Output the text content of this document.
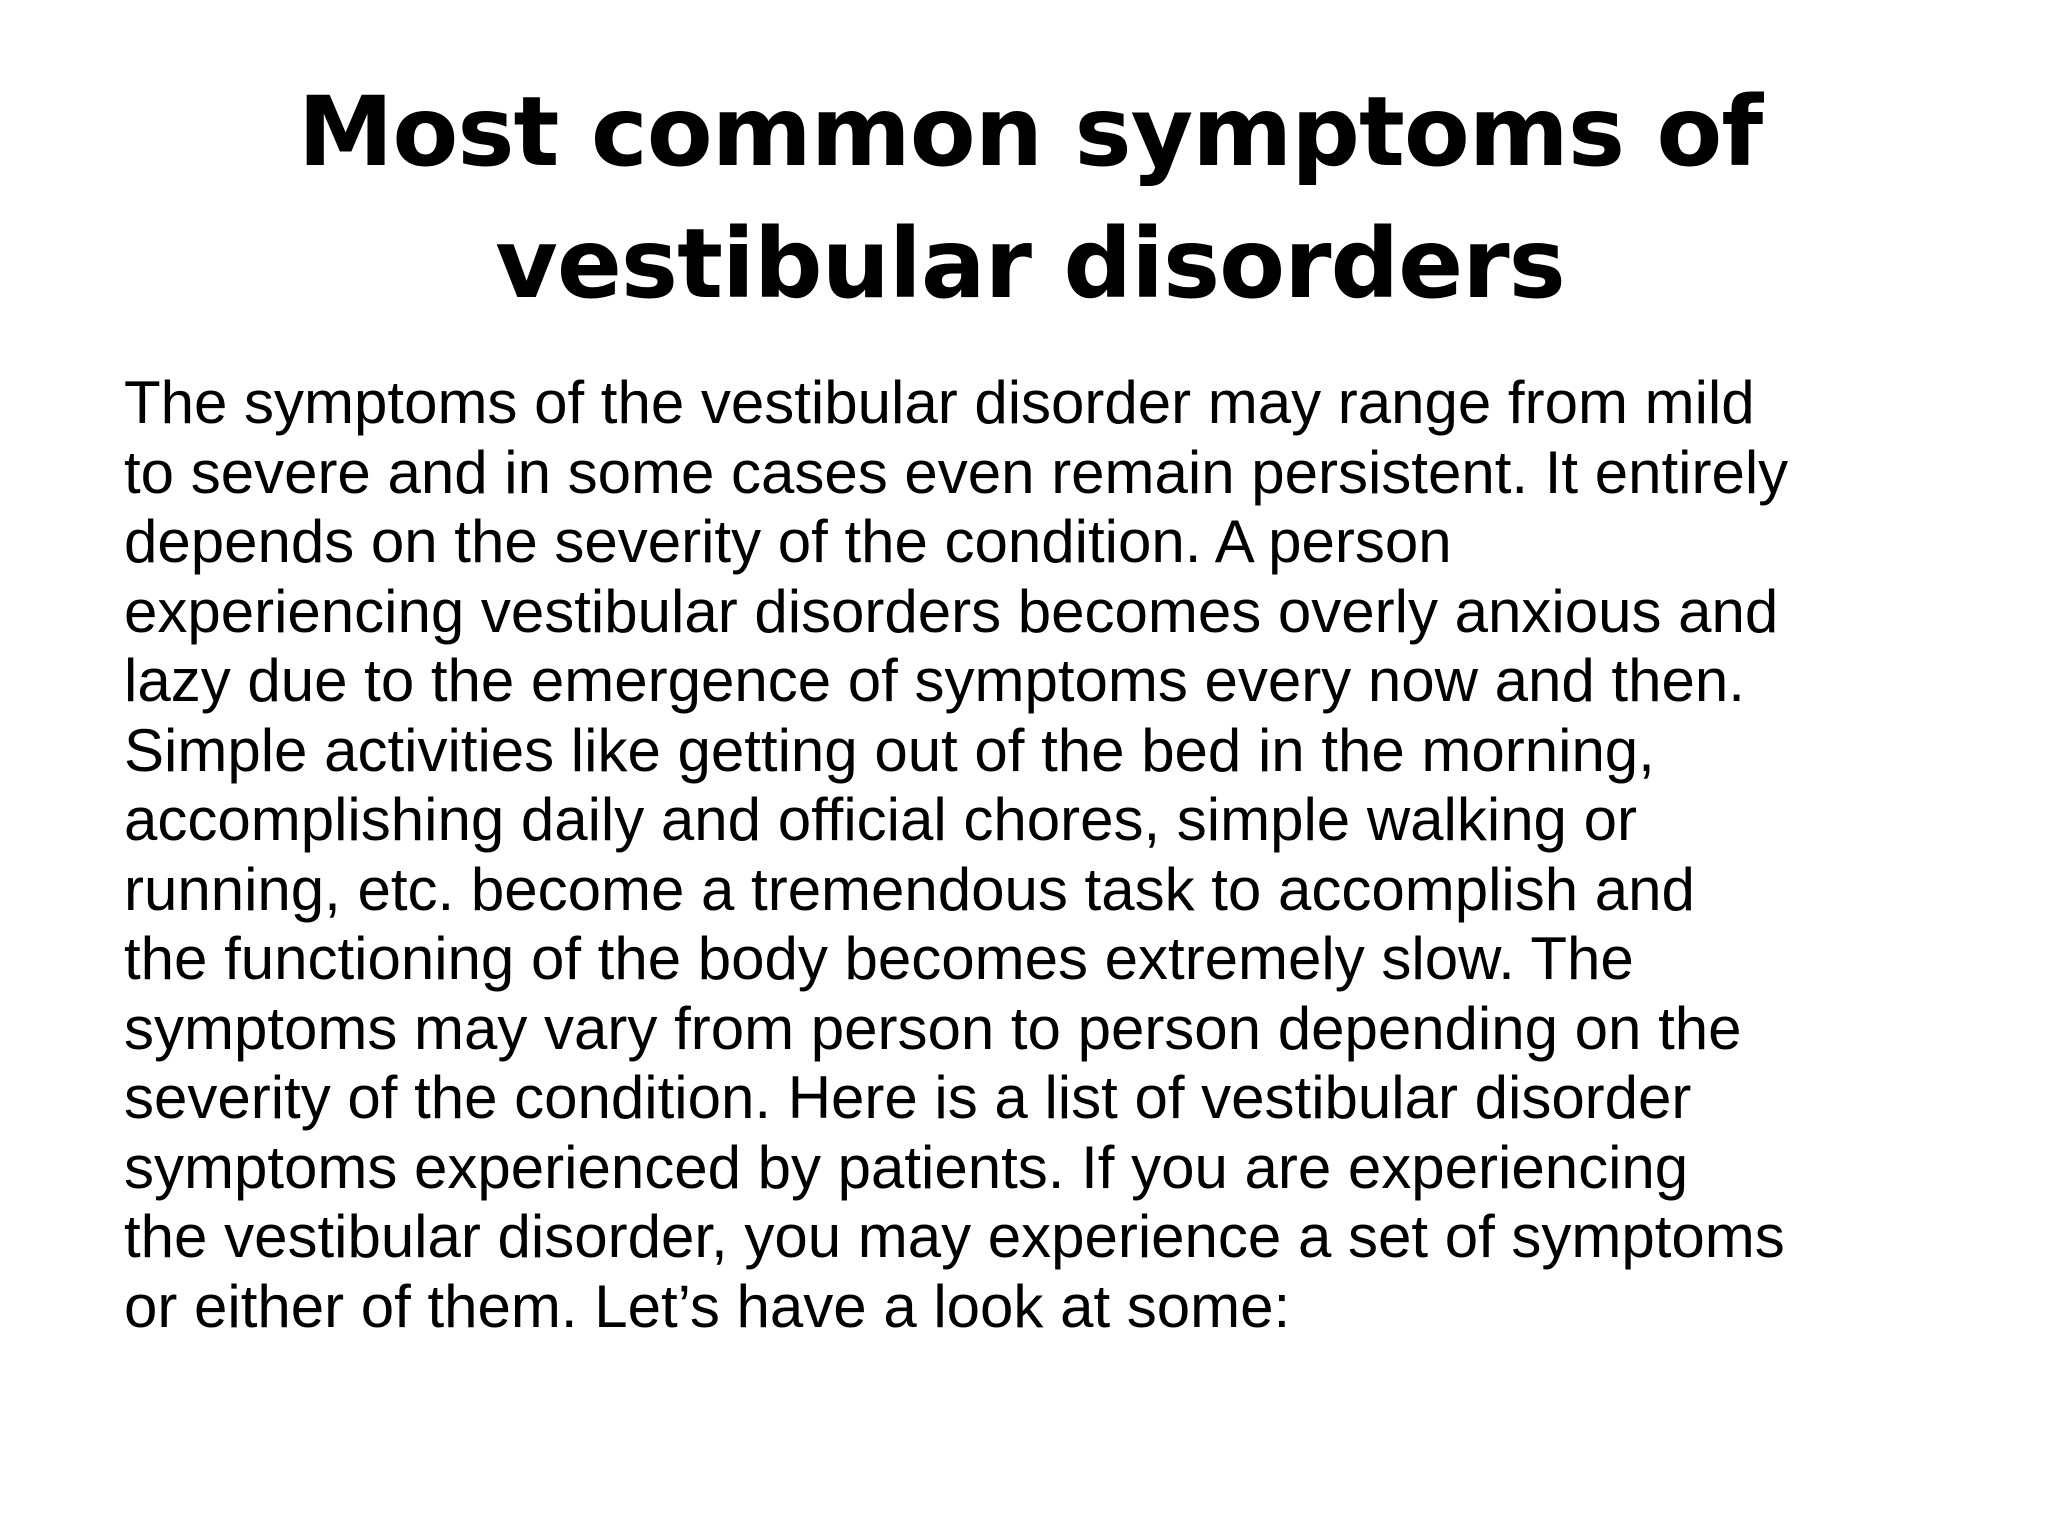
Most common symptoms of
vestibular disorders

The symptoms of the vestibular disorder may range from mild
to severe and in some cases even remain persistent. It entirely
depends on the severity of the condition. A person
experiencing vestibular disorders becomes overly anxious and
lazy due to the emergence of symptoms every now and then.
Simple activities like getting out of the bed in the morning,
accomplishing daily and official chores, simple walking or
running, etc. become a tremendous task to accomplish and
the functioning of the body becomes extremely slow. The
symptoms may vary from person to person depending on the
severity of the condition. Here is a list of vestibular disorder
symptoms experienced by patients. If you are experiencing
the vestibular disorder, you may experience a set of symptoms
or either of them. Let’s have a look at some:
